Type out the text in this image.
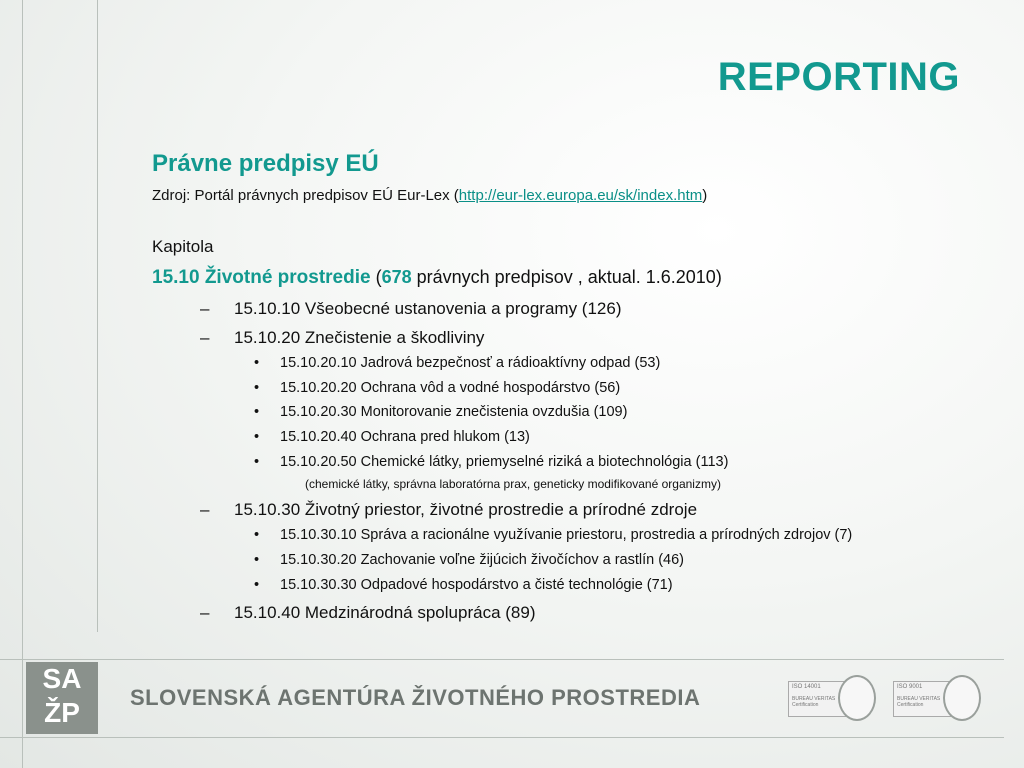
REPORTING
Právne predpisy EÚ
Zdroj: Portál právnych predpisov EÚ Eur-Lex (http://eur-lex.europa.eu/sk/index.htm)
Kapitola
15.10 Životné prostredie (678 právnych predpisov , aktual. 1.6.2010)
– 15.10.10 Všeobecné ustanovenia a programy (126)
– 15.10.20 Znečistenie a škodliviny
• 15.10.20.10 Jadrová bezpečnosť a rádioaktívny odpad (53)
• 15.10.20.20 Ochrana vôd a vodné hospodárstvo (56)
• 15.10.20.30 Monitorovanie znečistenia ovzdušia (109)
• 15.10.20.40 Ochrana pred hlukom (13)
• 15.10.20.50 Chemické látky, priemyselné riziká a biotechnológia (113)
(chemické látky, správna laboratórna prax, geneticky modifikované organizmy)
– 15.10.30 Životný priestor, životné prostredie a prírodné zdroje
• 15.10.30.10 Správa a racionálne využívanie priestoru, prostredia a prírodných zdrojov (7)
• 15.10.30.20 Zachovanie voľne žijúcich živočíchov a rastlín (46)
• 15.10.30.30 Odpadové hospodárstvo a čisté technológie (71)
– 15.10.40 Medzinárodná spolupráca (89)
SA
ŽP	SLOVENSKÁ AGENTÚRA ŽIVOTNÉHO PROSTREDIA	ISO 14001
BUREAU VERITAS Certification
ISO 9001
BUREAU VERITAS Certification
